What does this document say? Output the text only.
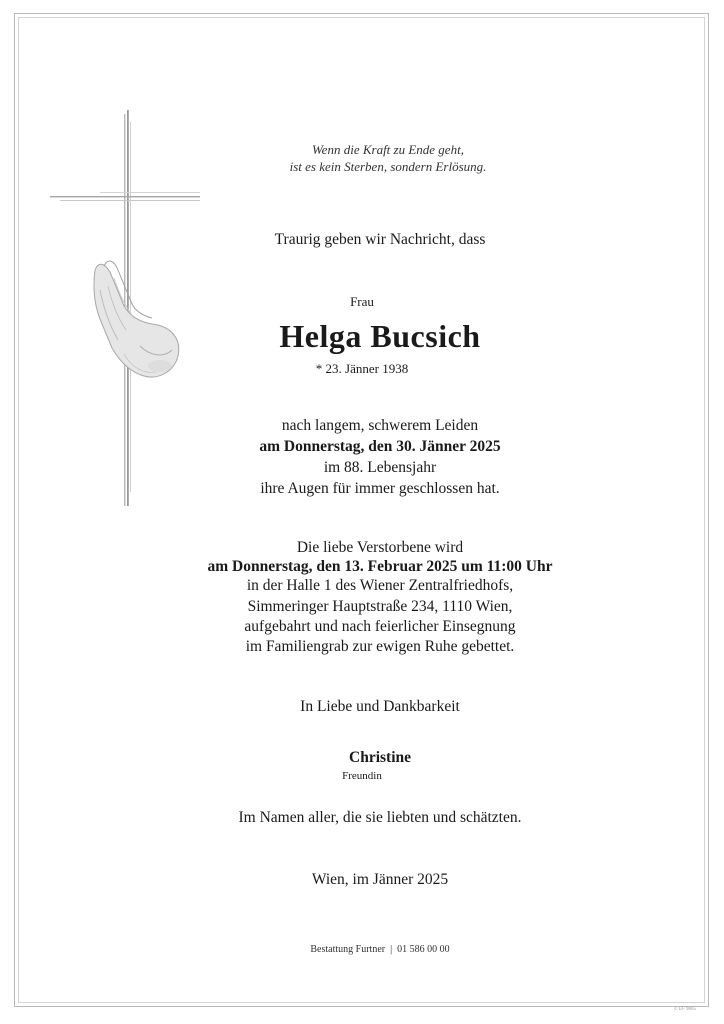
Wenn die Kraft zu Ende geht,
ist es kein Sterben, sondern Erlösung.
Traurig geben wir Nachricht, dass
Frau
Helga Bucsich
* 23. Jänner 1938
nach langem, schwerem Leiden
am Donnerstag, den 30. Jänner 2025
im 88. Lebensjahr
ihre Augen für immer geschlossen hat.
Die liebe Verstorbene wird
am Donnerstag, den 13. Februar 2025 um 11:00 Uhr
in der Halle 1 des Wiener Zentralfriedhofs,
Simmeringer Hauptstraße 234, 1110 Wien,
aufgebahrt und nach feierlicher Einsegnung
im Familiengrab zur ewigen Ruhe gebettet.
In Liebe und Dankbarkeit
Christine
Freundin
Im Namen aller, die sie liebten und schätzten.
Wien, im Jänner 2025
Bestattung Furtner | 01 586 00 00
© EF 9065
